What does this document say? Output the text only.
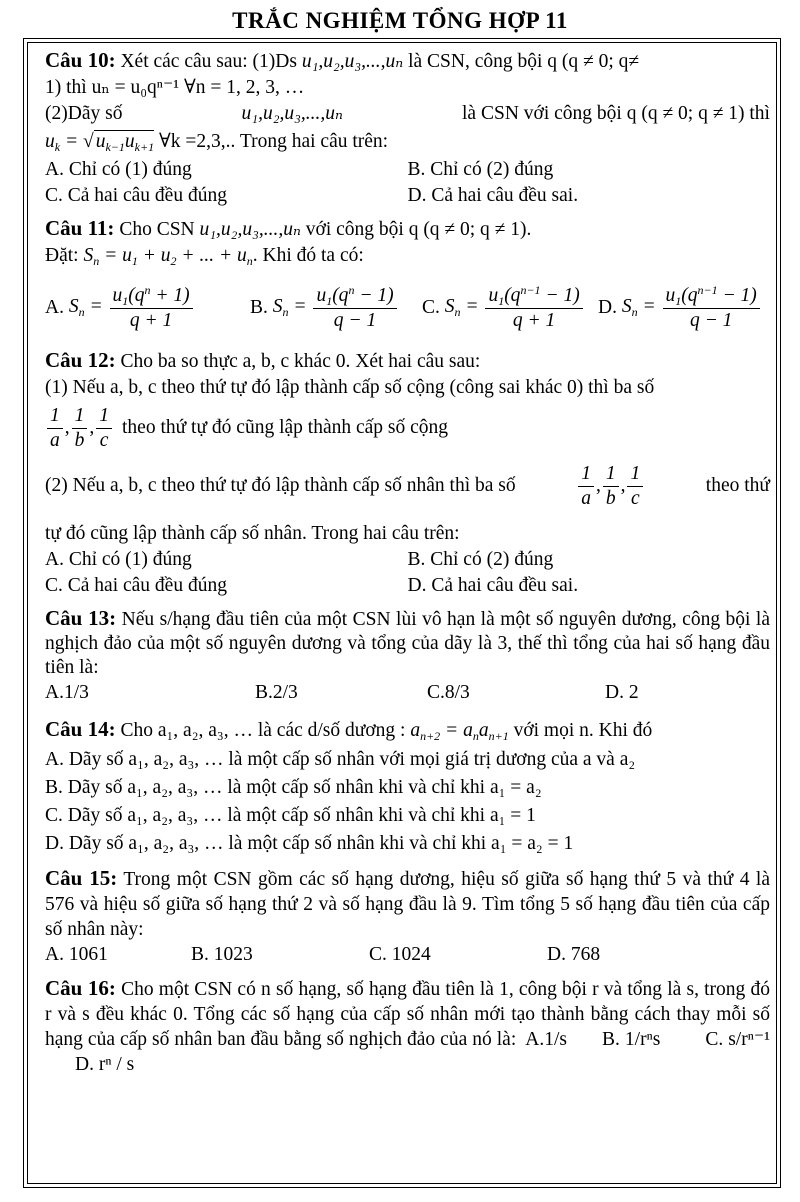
TRẮC NGHIỆM TỔNG HỢP 11
Câu 10: Xét các câu sau: (1)Ds u₁,u₂,u₃,...,uₙ là CSN, công bội q (q ≠ 0; q≠
1) thì uₙ = u₀qⁿ⁻¹ ∀n = 1, 2, 3, …
(2)Dãy số	u₁,u₂,u₃,...,uₙ	là CSN với công bội q (q ≠ 0; q ≠ 1) thì
$u_k$ = √ $u_{k-1}u_{k+1}$ ∀k =2,3,.. Trong hai câu trên:
A. Chỉ có (1) đúng	B. Chỉ có (2) đúng
C. Cả hai câu đều đúng	D. Cả hai câu đều sai.
Câu 11: Cho CSN u₁,u₂,u₃,...,uₙ với công bội q (q ≠ 0; q ≠ 1).
Đặt: $S_n = u_1 + u_2$ + ... + $u_n$. Khi đó ta có:
A. $S_n = \frac{u_1(q^n + 1)}{q + 1}$	B. $S_n = \frac{u_1(q^n - 1)}{q - 1} C$. $S_n = \frac{u_1(q^{n-1} - 1)}{q + 1} D$. $S_n = \frac{u_1(q^{n-1} - 1)}{q - 1}$
Câu 12: Cho ba so thực a, b, c khác 0. Xét hai câu sau:
(1) Nếu a, b, c theo thứ tự đó lập thành cấp số cộng (công sai khác 0) thì ba số
$\frac{1}{a}$ , $\frac{1}{b}$ , $\frac{1}{c}$ theo thứ tự đó cũng lập thành cấp số cộng
(2) Nếu a, b, c theo thứ tự đó lập thành cấp số nhân thì ba số	$\frac{1}{a}$ , $\frac{1}{b}$ , $\frac{1}{c}$	theo thứ
tự đó cũng lập thành cấp số nhân. Trong hai câu trên:
A. Chỉ có (1) đúng	B. Chỉ có (2) đúng
C. Cả hai câu đều đúng	D. Cả hai câu đều sai.
Câu 13: Nếu s/hạng đầu tiên của một CSN lùi vô hạn là một số nguyên dương, công bội là nghịch đảo của một số nguyên dương và tổng của dãy là 3, thế thì tổng của hai số hạng đầu tiên là:
A.1/3	B.2/3	C.8/3	D. 2
Câu 14: Cho a₁, a₂, a₃, … là các d/số dương : $a_{n+2} = a_na_{n+1}$ với mọi n. Khi đó
A. Dãy số a₁, a₂, a₃, … là một cấp số nhân với mọi giá trị dương của a và a₂
B. Dãy số a₁, a₂, a₃, … là một cấp số nhân khi và chỉ khi a₁ = a₂
C. Dãy số a₁, a₂, a₃, … là một cấp số nhân khi và chỉ khi a₁ = 1
D. Dãy số a₁, a₂, a₃, … là một cấp số nhân khi và chỉ khi a₁ = a₂ = 1
Câu 15: Trong một CSN gồm các số hạng dương, hiệu số giữa số hạng thứ 5 và thứ 4 là 576 và hiệu số giữa số hạng thứ 2 và số hạng đầu là 9. Tìm tổng 5 số hạng đầu tiên của cấp số nhân này:
A. 1061	B. 1023	C. 1024	D. 768
Câu 16: Cho một CSN có n số hạng, số hạng đầu tiên là 1, công bội r và tổng là s, trong đó r và s đều khác 0. Tổng các số hạng của cấp số nhân mới tạo thành bằng cách thay mỗi số hạng của cấp số nhân ban đầu bằng số nghịch đảo của nó là: A.1/s B. 1/rⁿs C. s/rⁿ⁻¹ D. rⁿ / s
